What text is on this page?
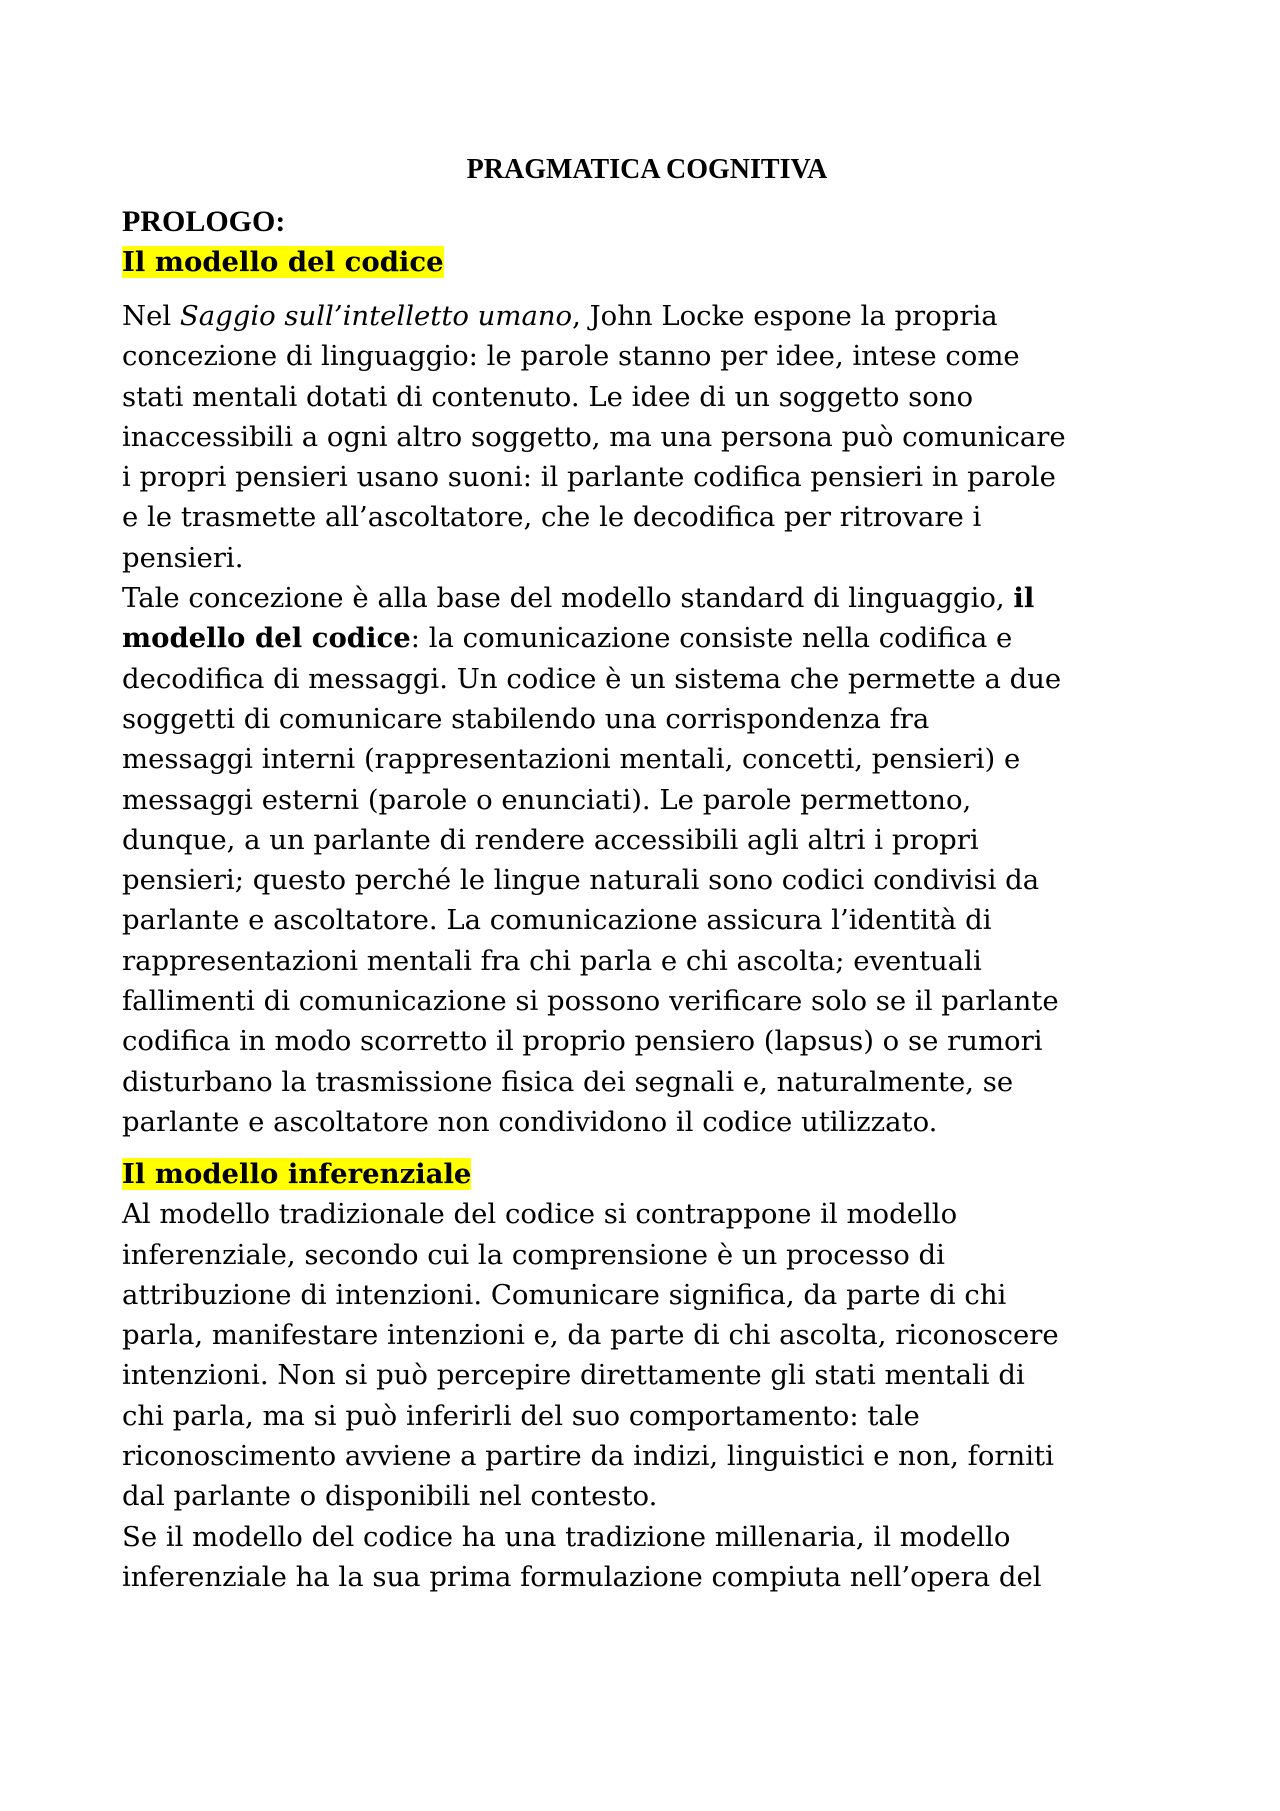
PRAGMATICA COGNITIVA
PROLOGO:
Il modello del codice

Nel Saggio sull’intelletto umano, John Locke espone la propria
concezione di linguaggio: le parole stanno per idee, intese come
stati mentali dotati di contenuto. Le idee di un soggetto sono
inaccessibili a ogni altro soggetto, ma una persona può comunicare
i propri pensieri usano suoni: il parlante codifica pensieri in parole
e le trasmette all’ascoltatore, che le decodifica per ritrovare i
pensieri.

Tale concezione è alla base del modello standard di linguaggio, il
modello del codice: la comunicazione consiste nella codifica e
decodifica di messaggi. Un codice è un sistema che permette a due
soggetti di comunicare stabilendo una corrispondenza fra
messaggi interni (rappresentazioni mentali, concetti, pensieri) e
messaggi esterni (parole o enunciati). Le parole permettono,
dunque, a un parlante di rendere accessibili agli altri i propri
pensieri; questo perché le lingue naturali sono codici condivisi da
parlante e ascoltatore. La comunicazione assicura l’identità di
rappresentazioni mentali fra chi parla e chi ascolta; eventuali
fallimenti di comunicazione si possono verificare solo se il parlante
codifica in modo scorretto il proprio pensiero (lapsus) o se rumori
disturbano la trasmissione fisica dei segnali e, naturalmente, se
parlante e ascoltatore non condividono il codice utilizzato.

Il modello inferenziale

Al modello tradizionale del codice si contrappone il modello
inferenziale, secondo cui la comprensione è un processo di
attribuzione di intenzioni. Comunicare significa, da parte di chi
parla, manifestare intenzioni e, da parte di chi ascolta, riconoscere
intenzioni. Non si può percepire direttamente gli stati mentali di
chi parla, ma si può inferirli del suo comportamento: tale
riconoscimento avviene a partire da indizi, linguistici e non, forniti
dal parlante o disponibili nel contesto.

Se il modello del codice ha una tradizione millenaria, il modello
inferenziale ha la sua prima formulazione compiuta nell’opera del
